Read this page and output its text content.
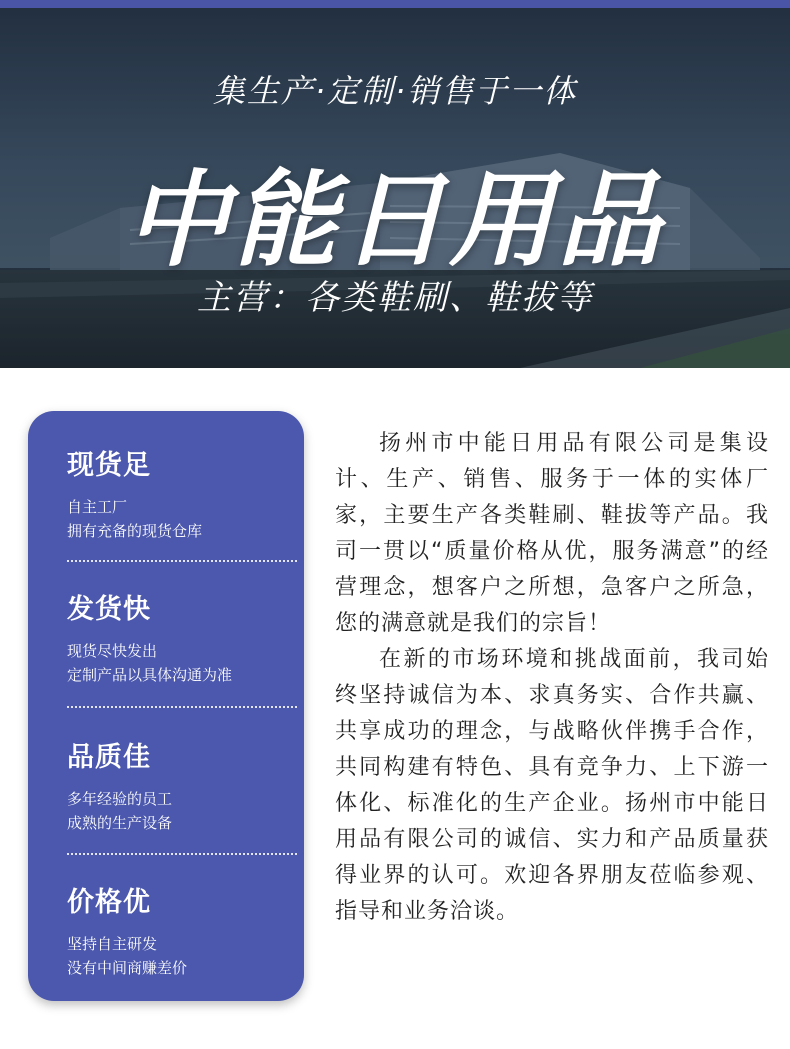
集生产·定制·销售于一体
中能日用品
主营：各类鞋刷、鞋拔等
现货足
自主工厂
拥有充备的现货仓库
发货快
现货尽快发出
定制产品以具体沟通为准
品质佳
多年经验的员工
成熟的生产设备
价格优
坚持自主研发
没有中间商赚差价

扬州市中能日用品有限公司是集设计、生产、销售、服务于一体的实体厂家，主要生产各类鞋刷、鞋拔等产品。我司一贯以“质量价格从优，服务满意”的经营理念，想客户之所想，急客户之所急，您的满意就是我们的宗旨！

在新的市场环境和挑战面前，我司始终坚持诚信为本、求真务实、合作共赢、共享成功的理念，与战略伙伴携手合作，共同构建有特色、具有竞争力、上下游一体化、标准化的生产企业。扬州市中能日用品有限公司的诚信、实力和产品质量获得业界的认可。欢迎各界朋友莅临参观、指导和业务洽谈。
